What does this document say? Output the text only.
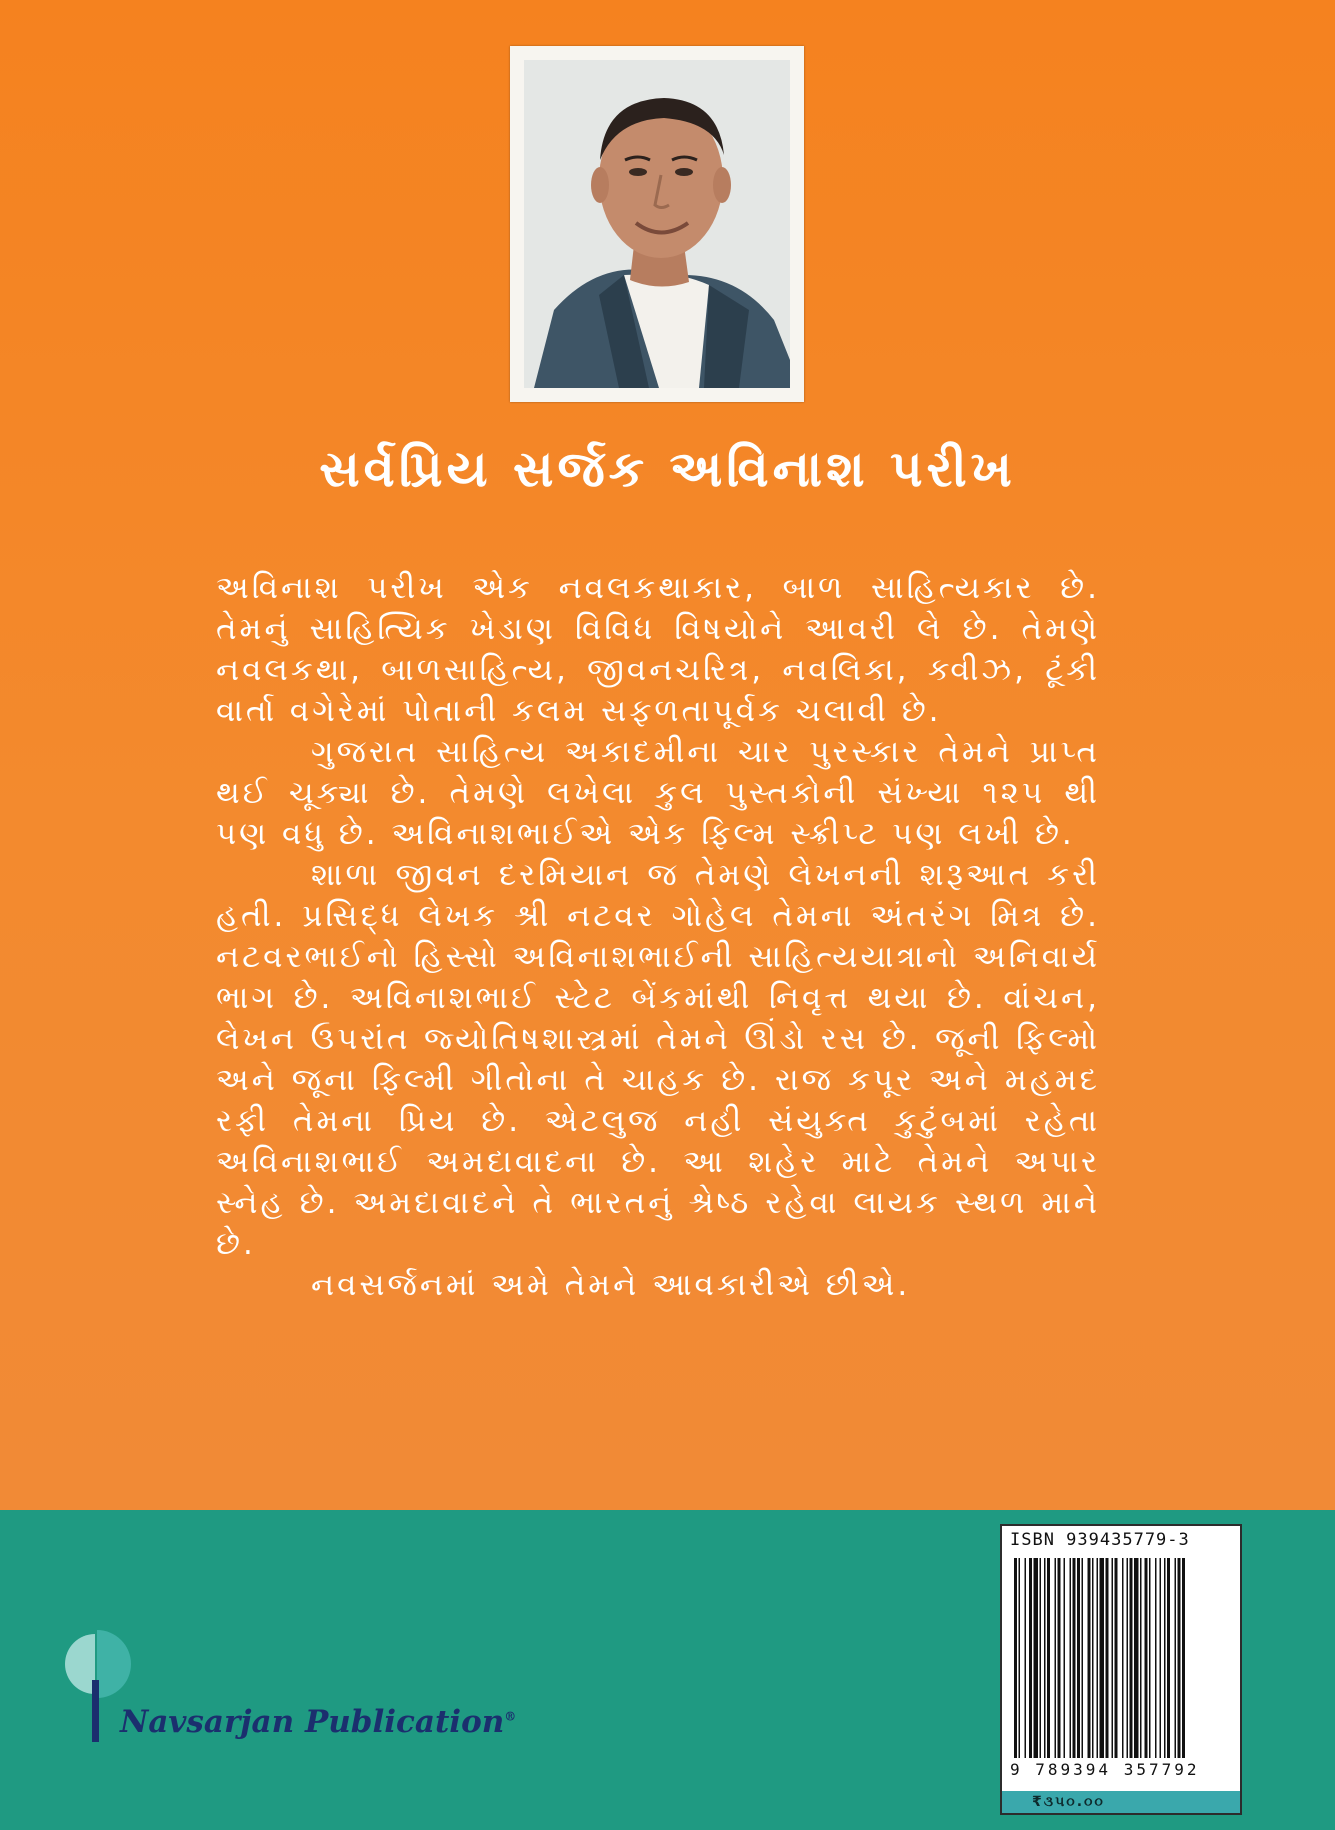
સર્વપ્રિય સર્જક અવિનાશ પરીખ

અવિનાશ પરીખ એક નવલકથાકાર, બાળ સાહિત્યકાર છે. તેમનું સાહિત્યિક ખેડાણ વિવિધ વિષયોને આવરી લે છે. તેમણે નવલકથા, બાળસાહિત્ય, જીવનચરિત્ર, નવલિકા, ક્વીઝ, ટૂંકી વાર્તા વગેરેમાં પોતાની કલમ સફળતાપૂર્વક ચલાવી છે.

ગુજરાત સાહિત્ય અકાદમીના ચાર પુરસ્કાર તેમને પ્રાપ્ત થઈ ચૂક્યા છે. તેમણે લખેલા કુલ પુસ્તકોની સંખ્યા ૧૨૫ થી પણ વધુ છે. અવિનાશભાઈએ એક ફિલ્મ સ્ક્રીપ્ટ પણ લખી છે.

શાળા જીવન દરમિયાન જ તેમણે લેખનની શરૂઆત કરી હતી. પ્રસિદ્ધ લેખક શ્રી નટવર ગોહેલ તેમના અંતરંગ મિત્ર છે. નટવરભાઈનો હિસ્સો અવિનાશભાઈની સાહિત્યયાત્રાનો અનિવાર્ય ભાગ છે. અવિનાશભાઈ સ્ટેટ બેંકમાંથી નિવૃત્ત થયા છે. વાંચન, લેખન ઉપરાંત જ્યોતિષશાસ્ત્રમાં તેમને ઊંડો રસ છે. જૂની ફિલ્મો અને જૂના ફિલ્મી ગીતોના તે ચાહક છે. રાજ કપૂર અને મહમદ રફી તેમના પ્રિય છે. એટલુજ નહી સંયુક્ત કુટુંબમાં રહેતા અવિનાશભાઈ અમદાવાદના છે. આ શહેર માટે તેમને અપાર સ્નેહ છે. અમદાવાદને તે ભારતનું શ્રેષ્ઠ રહેવા લાયક સ્થળ માને છે.

નવસર્જનમાં અમે તેમને આવકારીએ છીએ.

Navsarjan Publication®
ISBN 939435779-3
9 789394 357792
₹૩૫૦.૦૦
